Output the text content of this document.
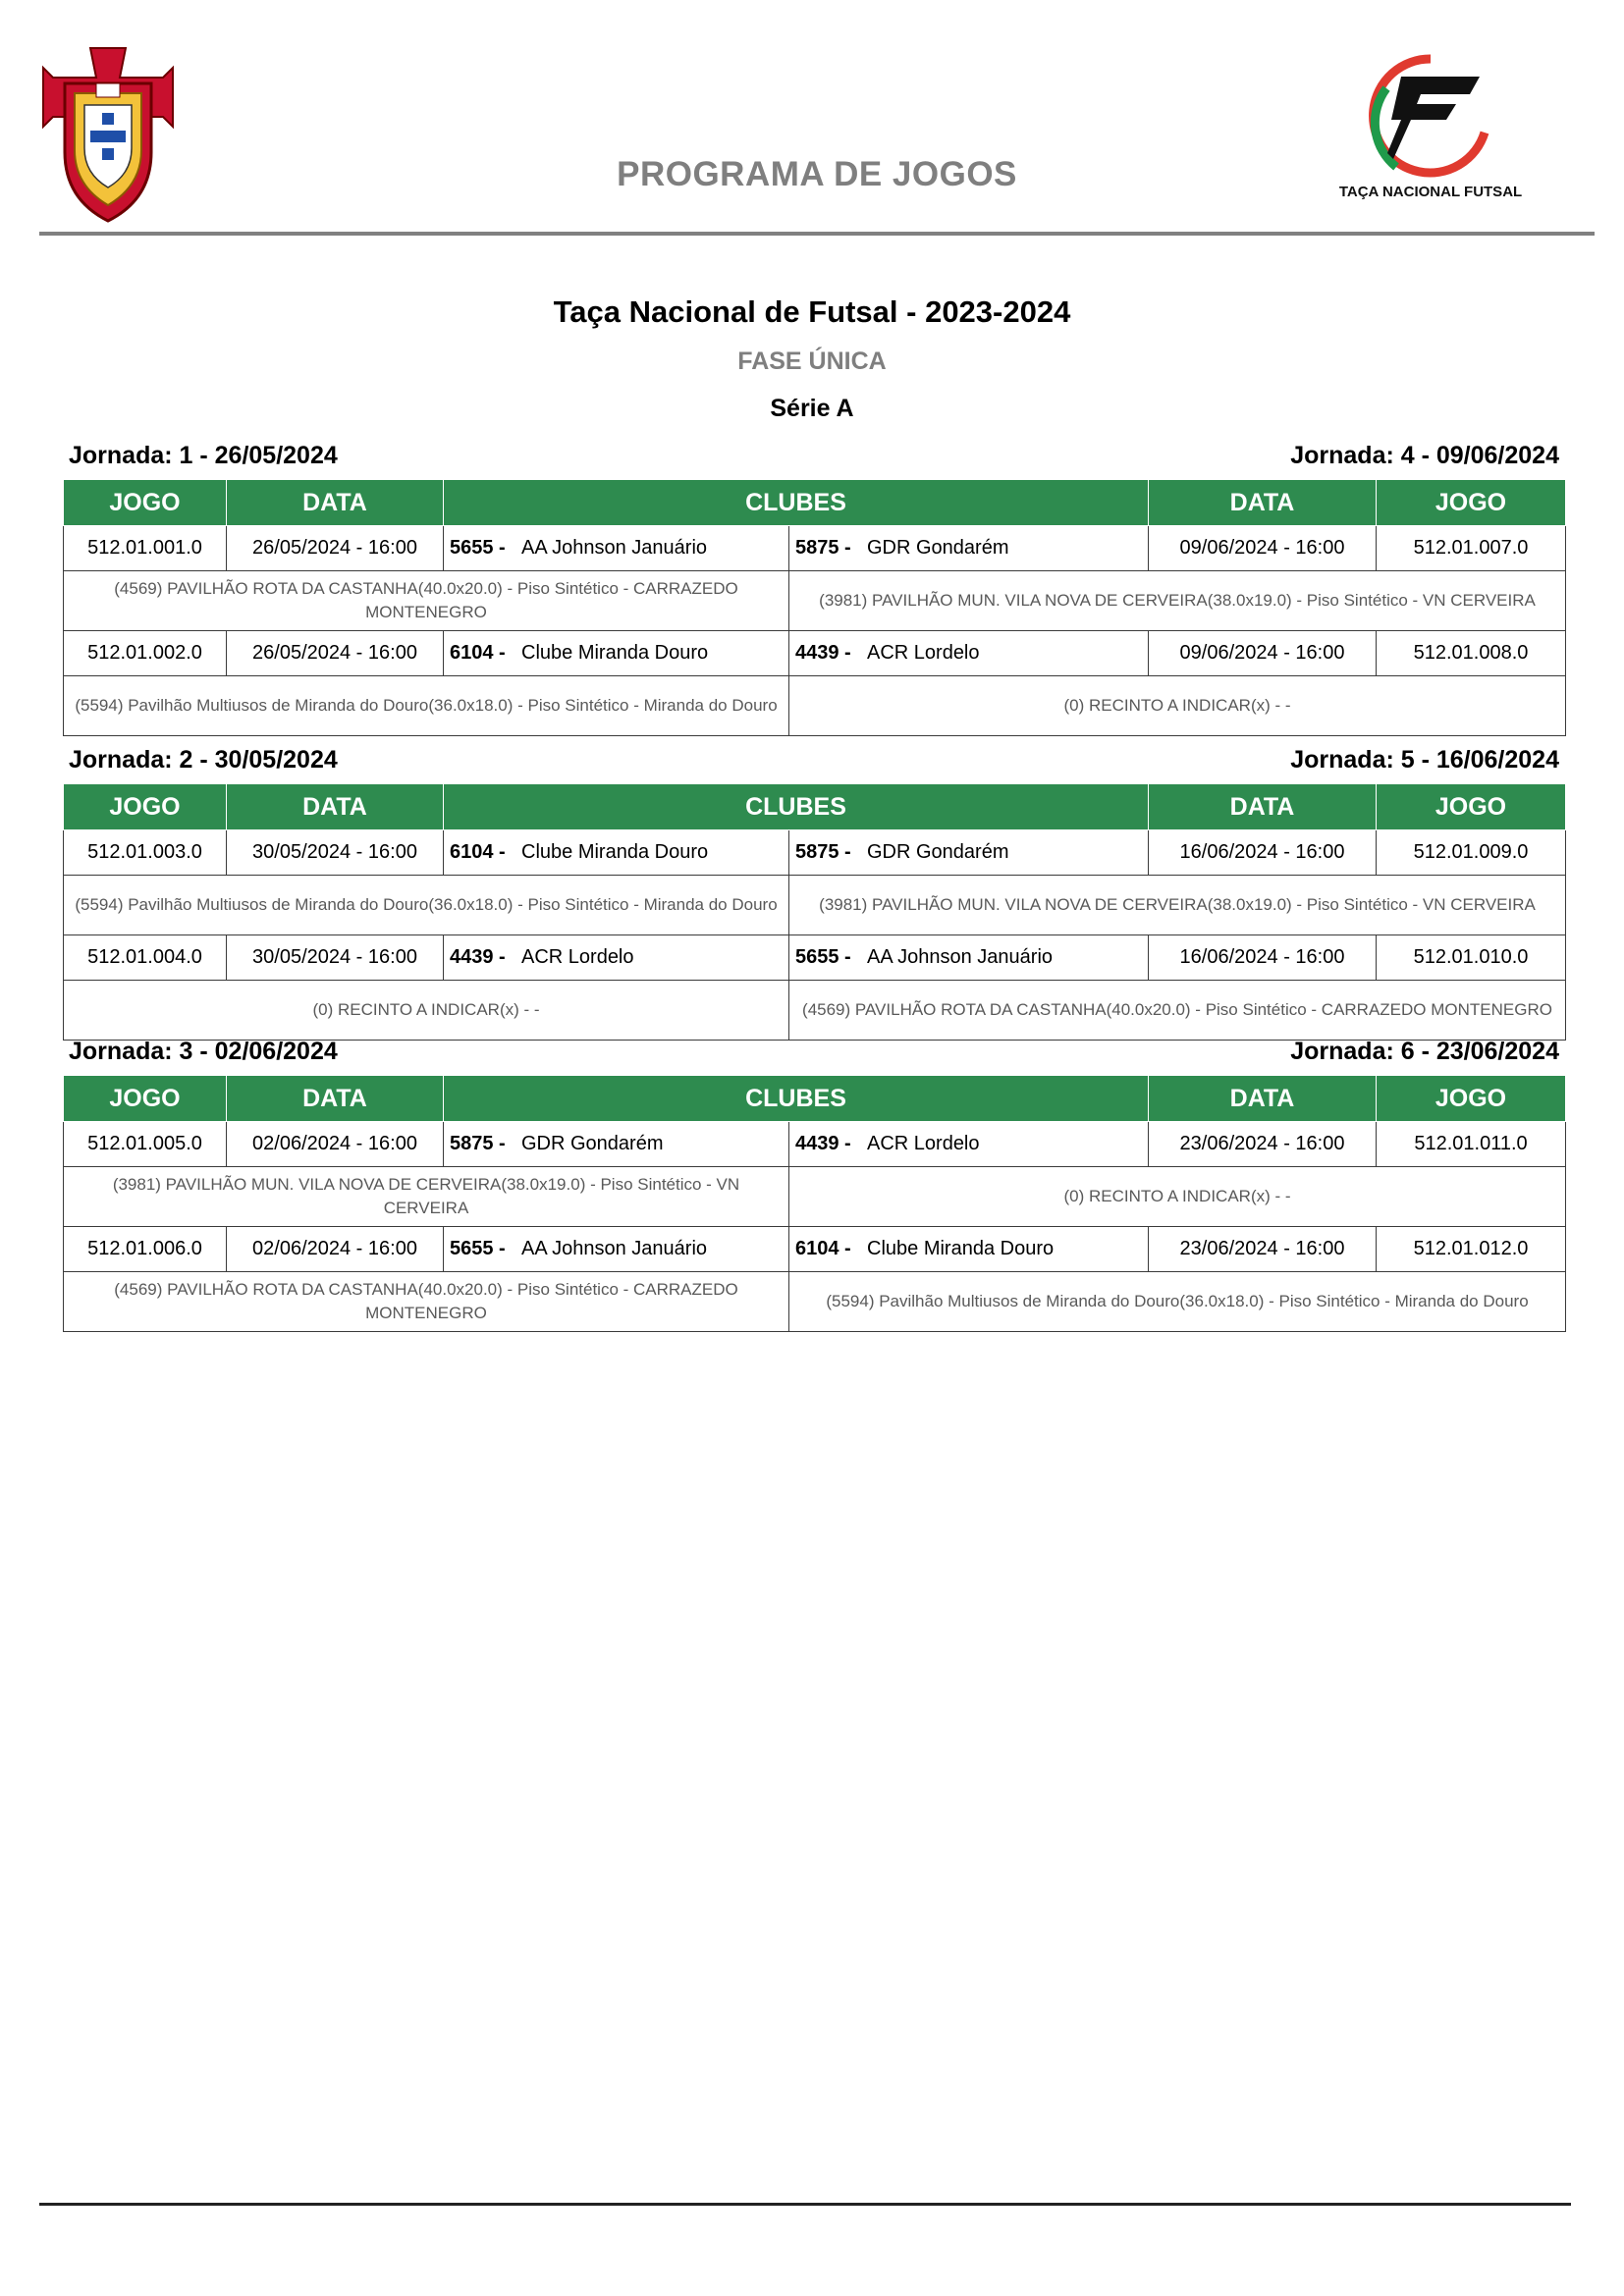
PROGRAMA DE JOGOS	TAÇA NACIONAL FUTSAL
Taça Nacional de Futsal - 2023-2024
FASE ÚNICA
Série A
Jornada: 1 - 26/05/2024	Jornada: 4 - 09/06/2024
JOGO	DATA	CLUBES		DATA	JOGO
512.01.001.0	26/05/2024 - 16:00	5655 - AA Johnson Januário	5875 - GDR Gondarém	09/06/2024 - 16:00	512.01.007.0
(4569) PAVILHÃO ROTA DA CASTANHA(40.0x20.0) - Piso Sintético - CARRAZEDO MONTENEGRO			(3981) PAVILHÃO MUN. VILA NOVA DE CERVEIRA(38.0x19.0) - Piso Sintético - VN CERVEIRA		
512.01.002.0	26/05/2024 - 16:00	6104 - Clube Miranda Douro	4439 - ACR Lordelo	09/06/2024 - 16:00	512.01.008.0
(5594) Pavilhão Multiusos de Miranda do Douro(36.0x18.0) - Piso Sintético - Miranda do Douro			(0) RECINTO A INDICAR(x) - -		
Jornada: 2 - 30/05/2024	Jornada: 5 - 16/06/2024
JOGO	DATA	CLUBES		DATA	JOGO
512.01.003.0	30/05/2024 - 16:00	6104 - Clube Miranda Douro	5875 - GDR Gondarém	16/06/2024 - 16:00	512.01.009.0
(5594) Pavilhão Multiusos de Miranda do Douro(36.0x18.0) - Piso Sintético - Miranda do Douro			(3981) PAVILHÃO MUN. VILA NOVA DE CERVEIRA(38.0x19.0) - Piso Sintético - VN CERVEIRA		
512.01.004.0	30/05/2024 - 16:00	4439 - ACR Lordelo	5655 - AA Johnson Januário	16/06/2024 - 16:00	512.01.010.0
(0) RECINTO A INDICAR(x) - -			(4569) PAVILHÃO ROTA DA CASTANHA(40.0x20.0) - Piso Sintético - CARRAZEDO MONTENEGRO		
Jornada: 3 - 02/06/2024	Jornada: 6 - 23/06/2024
JOGO	DATA	CLUBES		DATA	JOGO
512.01.005.0	02/06/2024 - 16:00	5875 - GDR Gondarém	4439 - ACR Lordelo	23/06/2024 - 16:00	512.01.011.0
(3981) PAVILHÃO MUN. VILA NOVA DE CERVEIRA(38.0x19.0) - Piso Sintético - VN CERVEIRA			(0) RECINTO A INDICAR(x) - -		
512.01.006.0	02/06/2024 - 16:00	5655 - AA Johnson Januário	6104 - Clube Miranda Douro	23/06/2024 - 16:00	512.01.012.0
(4569) PAVILHÃO ROTA DA CASTANHA(40.0x20.0) - Piso Sintético - CARRAZEDO MONTENEGRO			(5594) Pavilhão Multiusos de Miranda do Douro(36.0x18.0) - Piso Sintético - Miranda do Douro		
